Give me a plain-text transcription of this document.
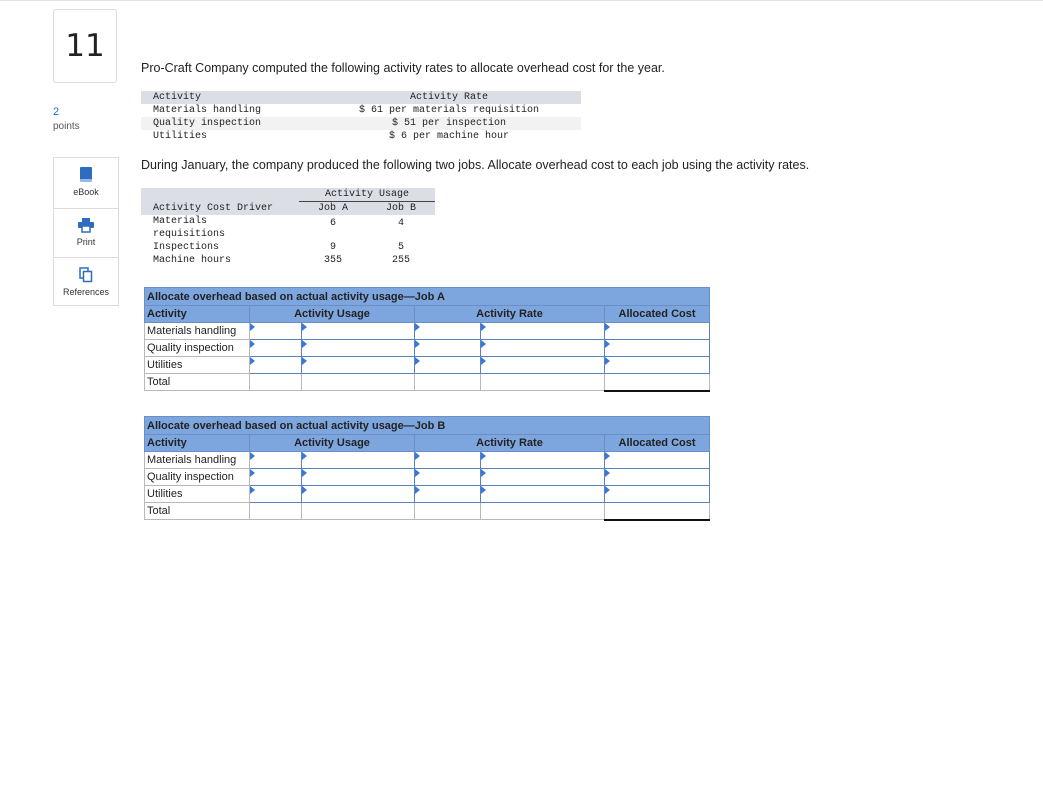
11
2
points
eBook
Print
References
Pro-Craft Company computed the following activity rates to allocate overhead cost for the year.
Activity	Activity Rate
Materials handling	$ 61 per materials requisition
Quality inspection	$ 51 per inspection
Utilities	$ 6 per machine hour
During January, the company produced the following two jobs. Allocate overhead cost to each job using the activity rates.
	Activity Usage	
Activity Cost Driver	Job A	Job B
Materials	6	4
requisitions		
Inspections	9	5
Machine hours	355	255
Allocate overhead based on actual activity usage—Job A					
Activity	Activity Usage		Activity Rate		Allocated Cost
Materials handling					
Quality inspection					
Utilities					
Total					
Allocate overhead based on actual activity usage—Job B					
Activity	Activity Usage		Activity Rate		Allocated Cost
Materials handling					
Quality inspection					
Utilities					
Total					
